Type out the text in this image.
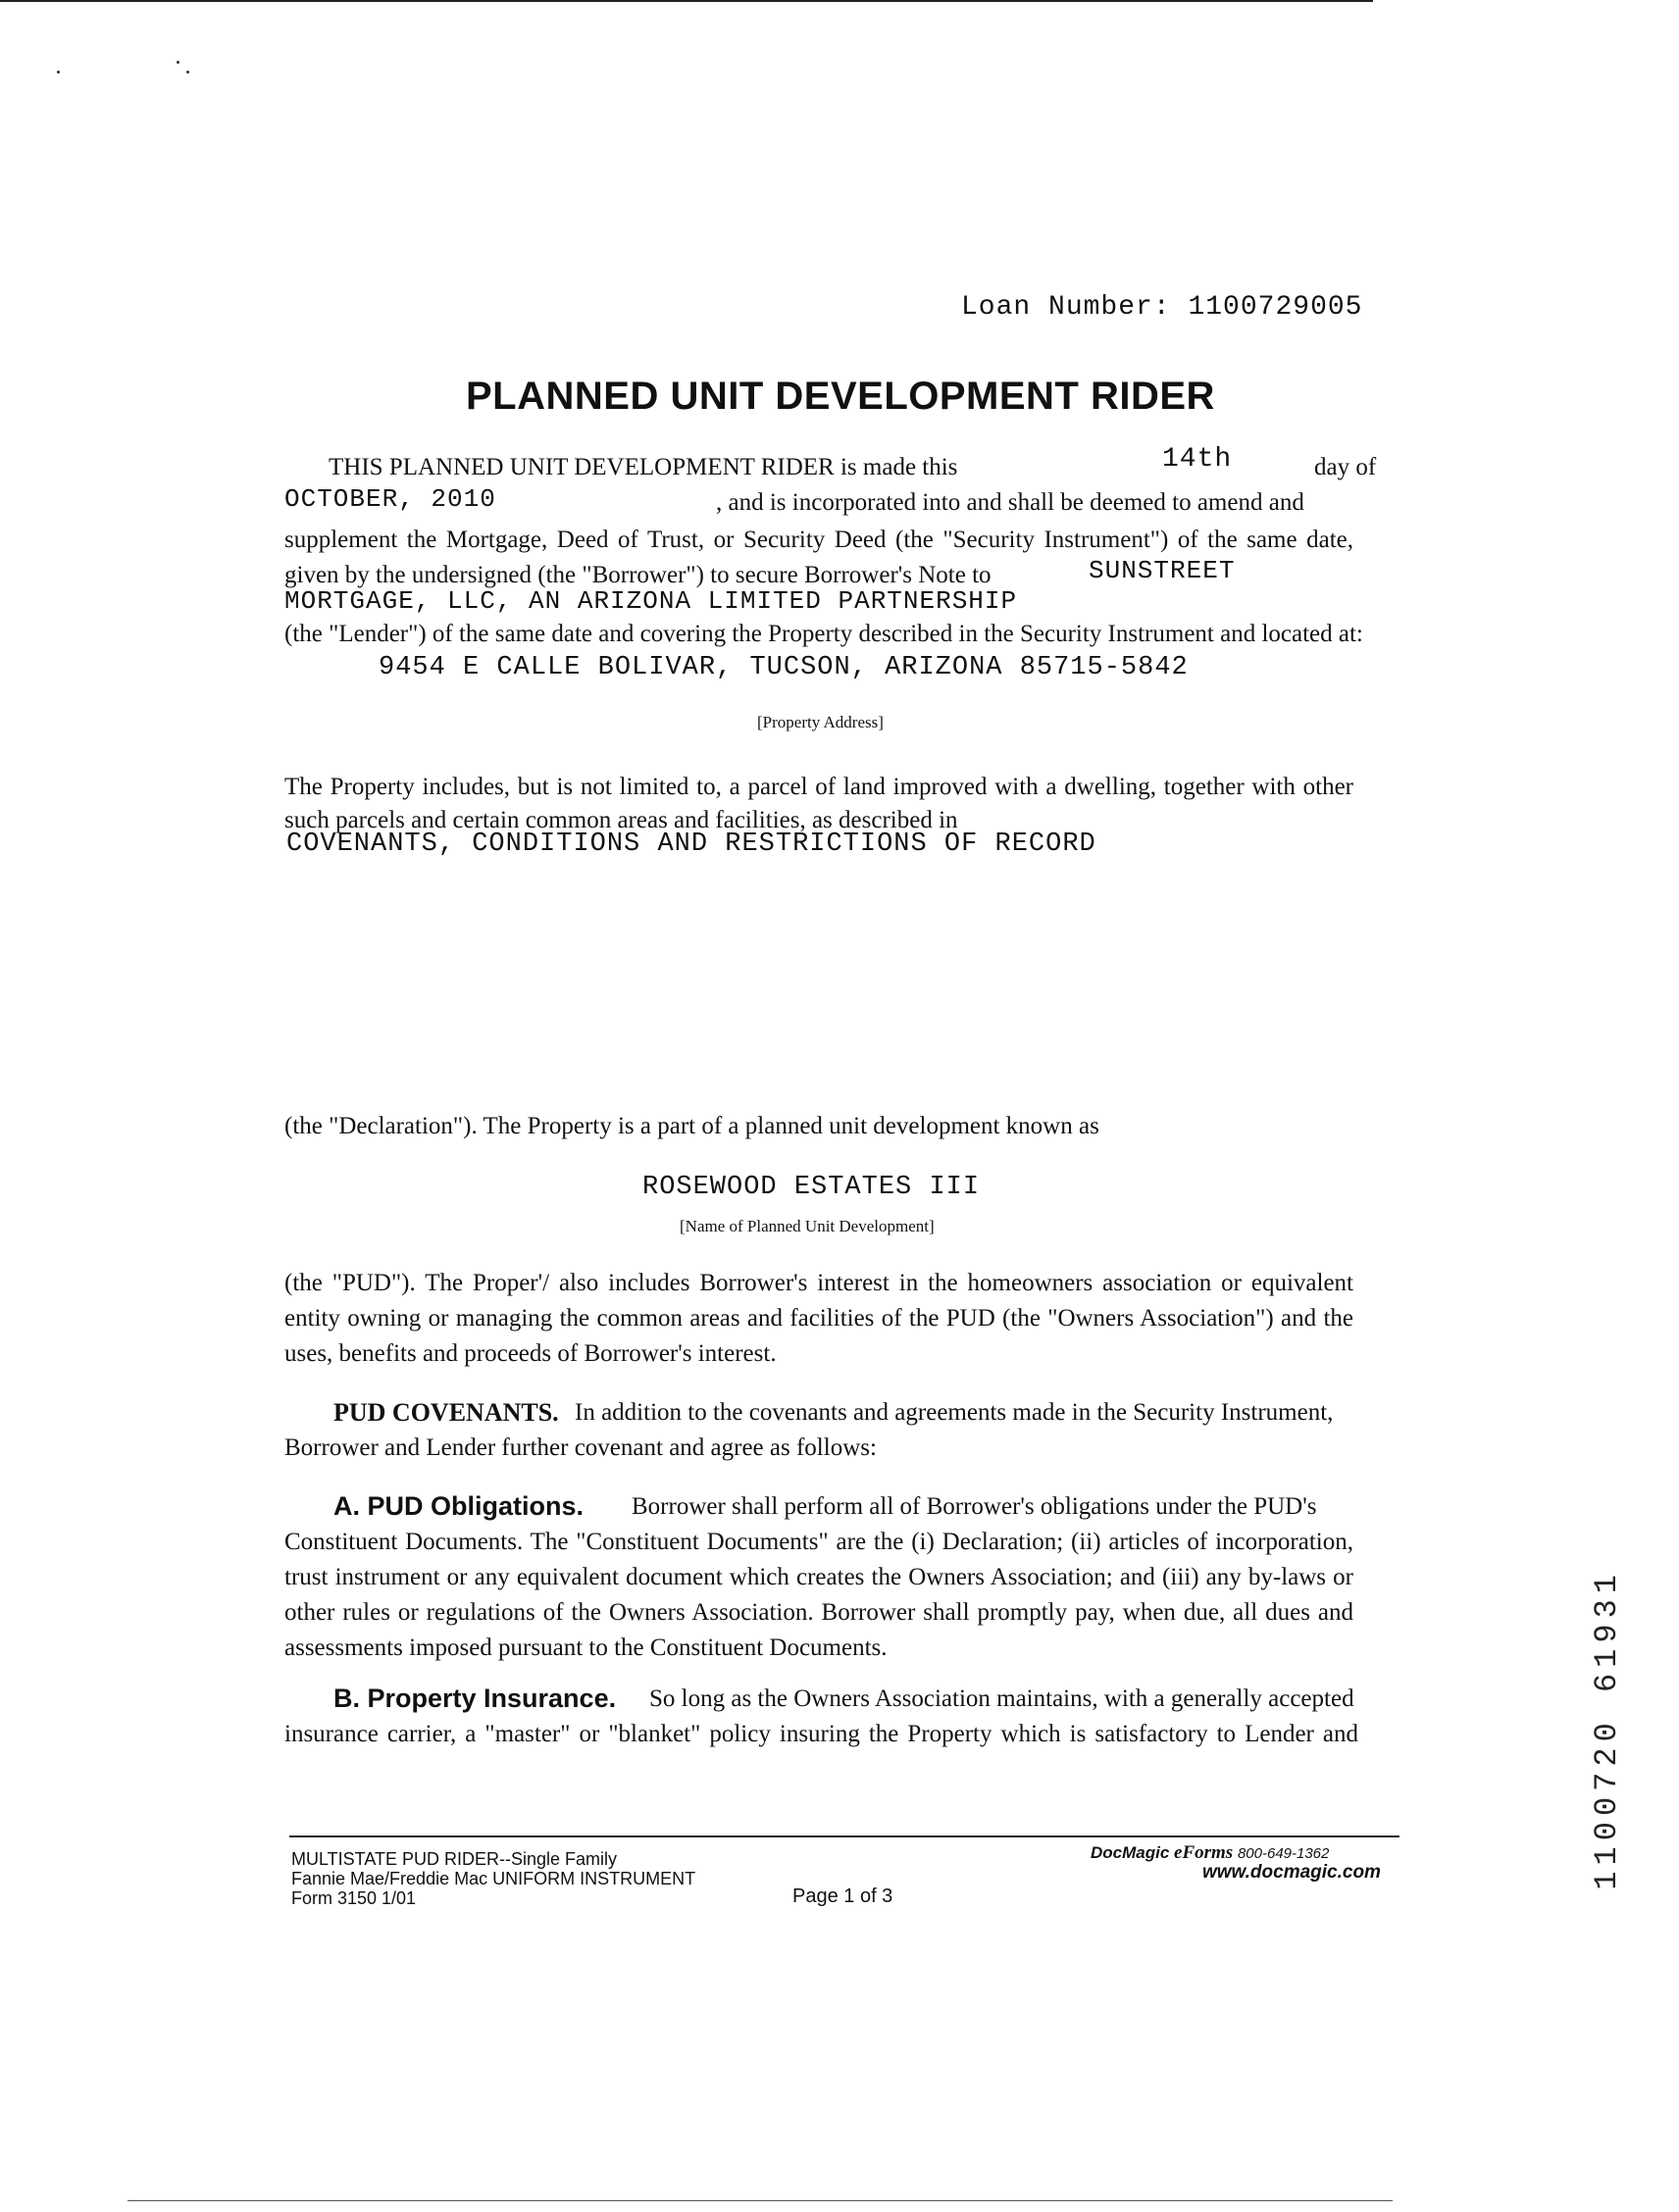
Loan Number: 1100729005
PLANNED UNIT DEVELOPMENT RIDER
THIS PLANNED UNIT DEVELOPMENT RIDER is made this	14th	day of
OCTOBER, 2010	, and is incorporated into and shall be deemed to amend and
supplement the Mortgage, Deed of Trust, or Security Deed (the "Security Instrument") of the same date,
given by the undersigned (the "Borrower") to secure Borrower's Note to	SUNSTREET
MORTGAGE, LLC, AN ARIZONA LIMITED PARTNERSHIP
(the "Lender") of the same date and covering the Property described in the Security Instrument and located at:
9454 E CALLE BOLIVAR, TUCSON, ARIZONA 85715-5842
[Property Address]
The Property includes, but is not limited to, a parcel of land improved with a dwelling, together with other
such parcels and certain common areas and facilities, as described in
COVENANTS, CONDITIONS AND RESTRICTIONS OF RECORD
(the "Declaration"). The Property is a part of a planned unit development known as
ROSEWOOD ESTATES III
[Name of Planned Unit Development]
(the "PUD"). The Proper'/ also includes Borrower's interest in the homeowners association or equivalent
entity owning or managing the common areas and facilities of the PUD (the "Owners Association") and the
uses, benefits and proceeds of Borrower's interest.
PUD COVENANTS. In addition to the covenants and agreements made in the Security Instrument,
Borrower and Lender further covenant and agree as follows:
A. PUD Obligations. Borrower shall perform all of Borrower's obligations under the PUD's
Constituent Documents. The "Constituent Documents" are the (i) Declaration; (ii) articles of incorporation,
trust instrument or any equivalent document which creates the Owners Association; and (iii) any by-laws or
other rules or regulations of the Owners Association. Borrower shall promptly pay, when due, all dues and
assessments imposed pursuant to the Constituent Documents.
B. Property Insurance. So long as the Owners Association maintains, with a generally accepted
insurance carrier, a "master" or "blanket" policy insuring the Property which is satisfactory to Lender and	1100720 61931
MULTISTATE PUD RIDER--Single Family
Fannie Mae/Freddie Mac UNIFORM INSTRUMENT
Form 3150 1/01	Page 1 of 3
DocMagic eForms 800-649-1362
www.docmagic.com
